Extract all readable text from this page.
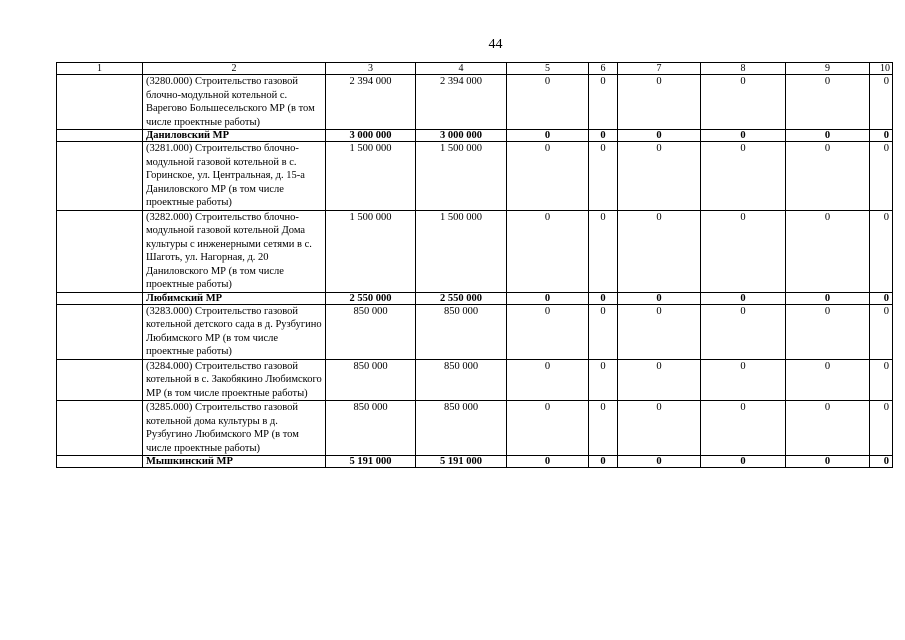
44
1	2	3	4	5	6	7	8	9	10
	(3280.000) Строительство газовой блочно-модульной котельной с. Варегово Большесельского МР (в том числе проектные работы)	2 394 000	2 394 000	0	0	0	0	0	0
	Даниловский МР	3 000 000	3 000 000	0	0	0	0	0	0
	(3281.000) Строительство блочно-модульной газовой котельной в с. Горинское, ул. Центральная, д. 15-а Даниловского МР (в том числе проектные работы)	1 500 000	1 500 000	0	0	0	0	0	0
	(3282.000) Строительство блочно-модульной газовой котельной Дома культуры с инженерными сетями в с. Шаготь, ул. Нагорная, д. 20 Даниловского МР (в том числе проектные работы)	1 500 000	1 500 000	0	0	0	0	0	0
	Любимский МР	2 550 000	2 550 000	0	0	0	0	0	0
	(3283.000) Строительство газовой котельной детского сада в д. Рузбугино Любимского МР (в том числе проектные работы)	850 000	850 000	0	0	0	0	0	0
	(3284.000) Строительство газовой котельной в с. Закобякино Любимского МР (в том числе проектные работы)	850 000	850 000	0	0	0	0	0	0
	(3285.000) Строительство газовой котельной дома культуры в д. Рузбугино Любимского МР (в том числе проектные работы)	850 000	850 000	0	0	0	0	0	0
	Мышкинский МР	5 191 000	5 191 000	0	0	0	0	0	0
